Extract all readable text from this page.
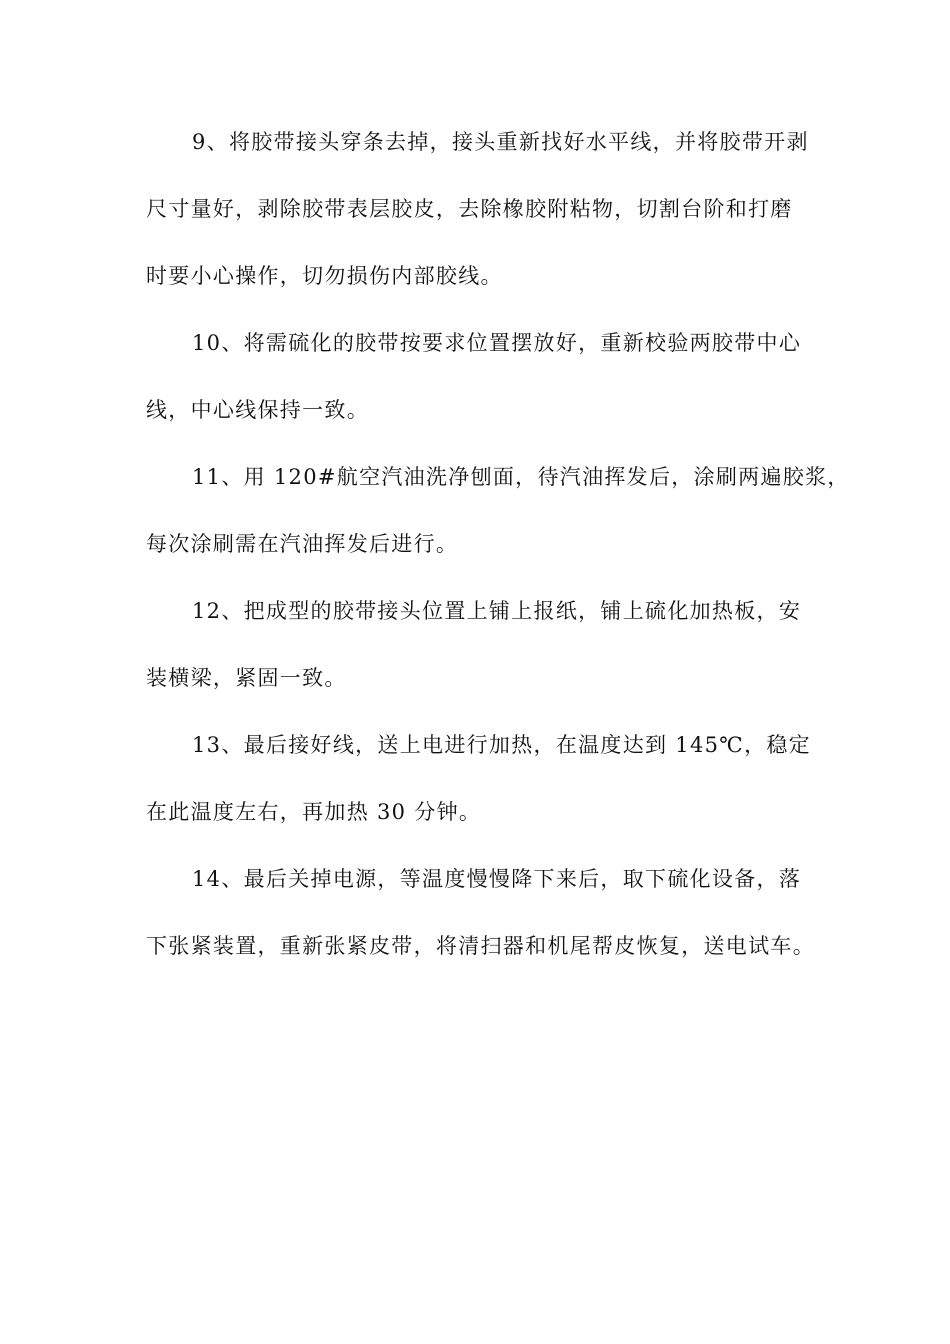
9、将胶带接头穿条去掉，接头重新找好水平线，并将胶带开剥
尺寸量好，剥除胶带表层胶皮，去除橡胶附粘物，切割台阶和打磨
时要小心操作，切勿损伤内部胶线。
10、将需硫化的胶带按要求位置摆放好，重新校验两胶带中心
线，中心线保持一致。
11、用 120#航空汽油洗净刨面，待汽油挥发后，涂刷两遍胶浆，
每次涂刷需在汽油挥发后进行。
12、把成型的胶带接头位置上铺上报纸，铺上硫化加热板，安
装横梁，紧固一致。
13、最后接好线，送上电进行加热，在温度达到 145℃，稳定
在此温度左右，再加热 30 分钟。
14、最后关掉电源，等温度慢慢降下来后，取下硫化设备，落
下张紧装置，重新张紧皮带，将清扫器和机尾帮皮恢复，送电试车。
